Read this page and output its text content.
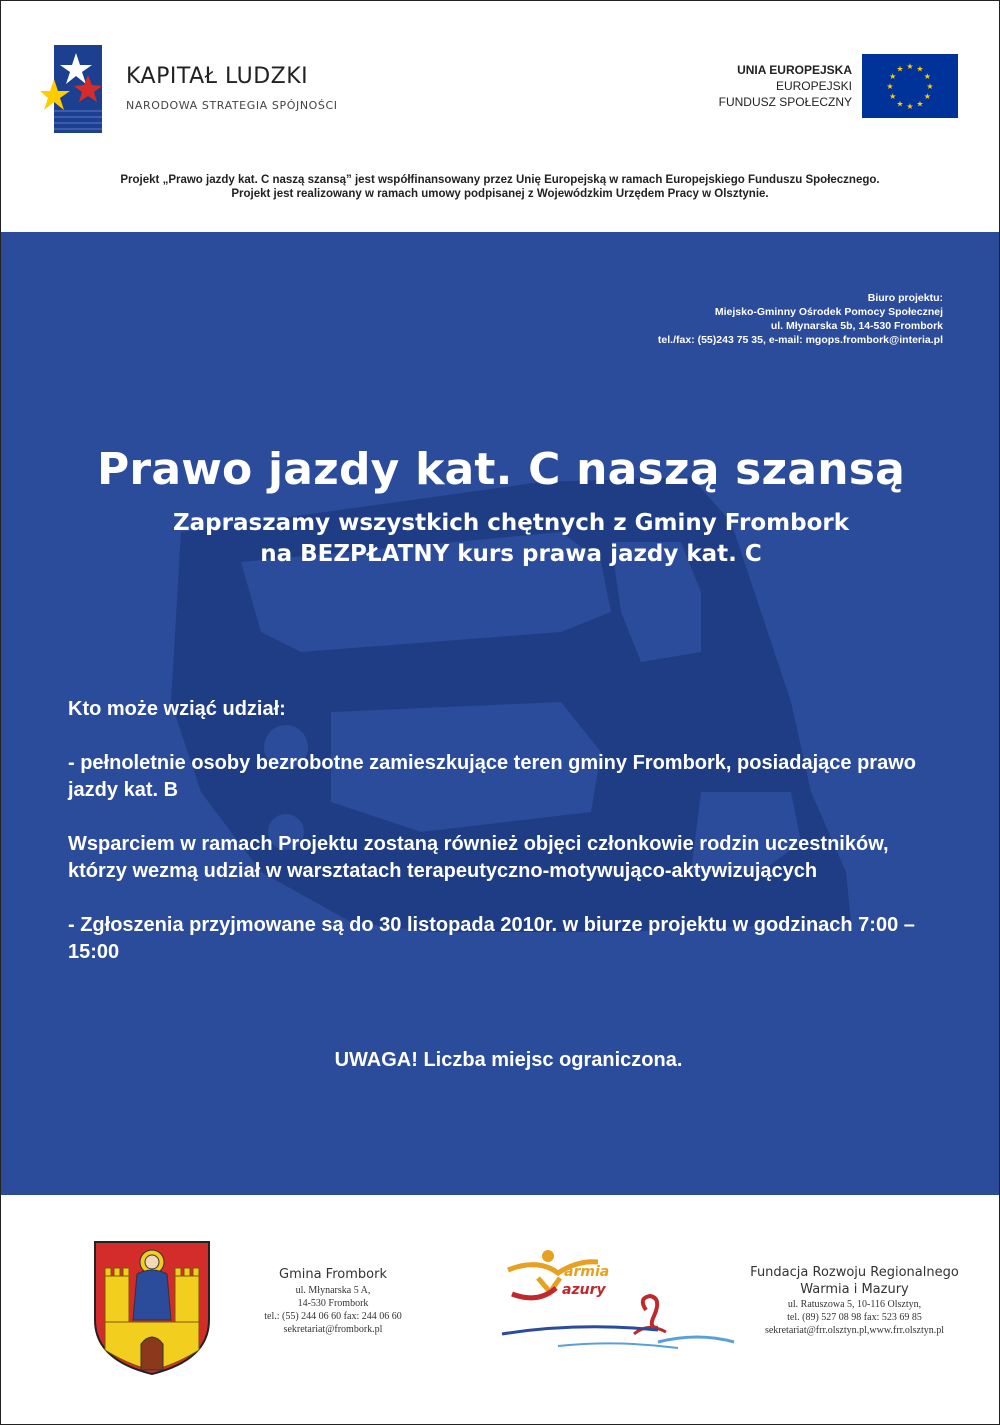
KAPITAŁ LUDZKI
NARODOWA STRATEGIA SPÓJNOŚCI
UNIA EUROPEJSKA
EUROPEJSKI
FUNDUSZ SPOŁECZNY
★ ★
★
★
★
★
★
★
★
★
★
★
Projekt „Prawo jazdy kat. C naszą szansą” jest współfinansowany przez Unię Europejską w ramach Europejskiego Funduszu Społecznego.
Projekt jest realizowany w ramach umowy podpisanej z Wojewódzkim Urzędem Pracy w Olsztynie.
Biuro projektu:
Miejsko-Gminny Ośrodek Pomocy Społecznej
ul. Młynarska 5b, 14-530 Frombork
tel./fax: (55)243 75 35, e-mail: mgops.frombork@interia.pl
Prawo jazdy kat. C naszą szansą
Zapraszamy wszystkich chętnych z Gminy Frombork
na BEZPŁATNY kurs prawa jazdy kat. C

Kto może wziąć udział:

- pełnoletnie osoby bezrobotne zamieszkujące teren gminy Frombork, posiadające prawo jazdy kat. B

Wsparciem w ramach Projektu zostaną również objęci członkowie rodzin uczestników, którzy wezmą udział w warsztatach terapeutyczno-motywująco-aktywizujących

- Zgłoszenia przyjmowane są do 30 listopada 2010r. w biurze projektu w godzinach 7:00 – 15:00

UWAGA! Liczba miejsc ograniczona.
Gmina Frombork
ul. Młynarska 5 A,
14-530 Frombork
tel.: (55) 244 06 60 fax: 244 06 60
sekretariat@frombork.pl
armia
azury
Fundacja Rozwoju Regionalnego
Warmia i Mazury
ul. Ratuszowa 5, 10-116 Olsztyn,
tel. (89) 527 08 98 fax: 523 69 85
sekretariat@frr.olsztyn.pl,www.frr.olsztyn.pl
